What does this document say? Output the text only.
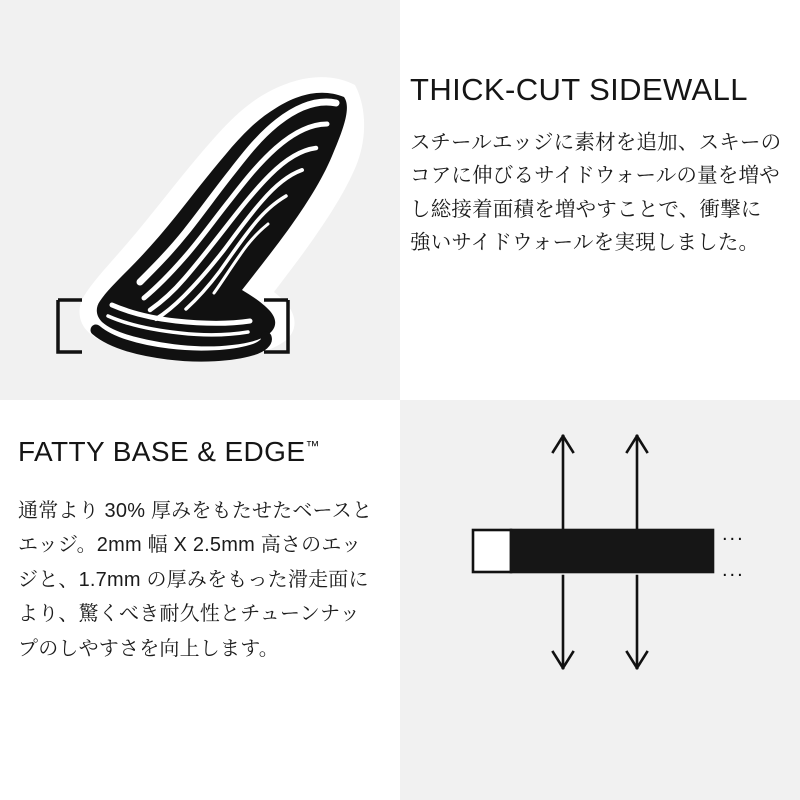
THICK-CUT SIDEWALL

スチールエッジに素材を追加、スキーのコアに伸びるサイドウォールの量を増やし総接着面積を増やすことで、衝撃に強いサイドウォールを実現しました。

FATTY BASE & EDGE™

通常より 30% 厚みをもたせたベースとエッジ。2mm 幅 X 2.5mm 高さのエッジと、1.7mm の厚みをもった滑走面により、驚くべき耐久性とチューンナップのしやすさを向上します。

...
...
